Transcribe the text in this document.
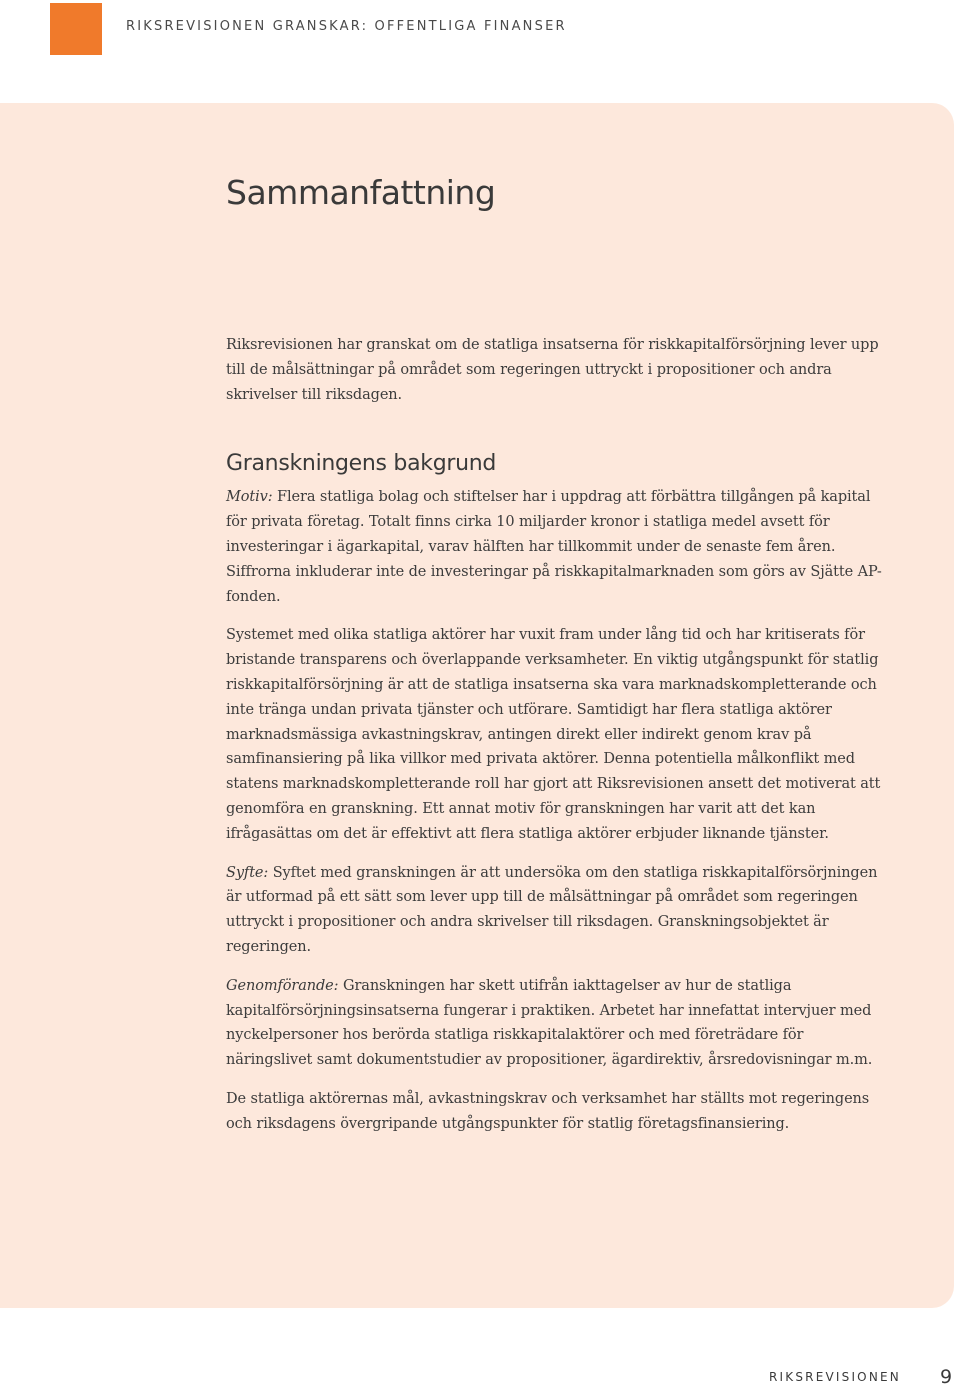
RIKSREVISIONEN GRANSKAR: OFFENTLIGA FINANSER
Sammanfattning

Riksrevisionen har granskat om de statliga insatserna för riskkapitalförsörjning lever upp till de målsättningar på området som regeringen uttryckt i propositioner och andra skrivelser till riksdagen.

Granskningens bakgrund

Motiv: Flera statliga bolag och stiftelser har i uppdrag att förbättra tillgången på kapital för privata företag. Totalt finns cirka 10 miljarder kronor i statliga medel avsett för investeringar i ägarkapital, varav hälften har tillkommit under de senaste fem åren. Siffrorna inkluderar inte de investeringar på riskkapitalmarknaden som görs av Sjätte AP-fonden.

Systemet med olika statliga aktörer har vuxit fram under lång tid och har kritiserats för bristande transparens och överlappande verksamheter. En viktig utgångspunkt för statlig riskkapitalförsörjning är att de statliga insatserna ska vara marknadskompletterande och inte tränga undan privata tjänster och utförare. Samtidigt har flera statliga aktörer marknadsmässiga avkastningskrav, antingen direkt eller indirekt genom krav på samfinansiering på lika villkor med privata aktörer. Denna potentiella målkonflikt med statens marknadskompletterande roll har gjort att Riksrevisionen ansett det motiverat att genomföra en granskning. Ett annat motiv för granskningen har varit att det kan ifrågasättas om det är effektivt att flera statliga aktörer erbjuder liknande tjänster.

Syfte: Syftet med granskningen är att undersöka om den statliga riskkapitalförsörjningen är utformad på ett sätt som lever upp till de målsättningar på området som regeringen uttryckt i propositioner och andra skrivelser till riksdagen. Granskningsobjektet är regeringen.

Genomförande: Granskningen har skett utifrån iakttagelser av hur de statliga kapitalförsörjningsinsatserna fungerar i praktiken. Arbetet har innefattat intervjuer med nyckelpersoner hos berörda statliga riskkapitalaktörer och med företrädare för näringslivet samt dokumentstudier av propositioner, ägardirektiv, årsredovisningar m.m.

De statliga aktörernas mål, avkastningskrav och verksamhet har ställts mot regeringens och riksdagens övergripande utgångspunkter för statlig företagsfinansiering.

RIKSREVISIONEN 9
